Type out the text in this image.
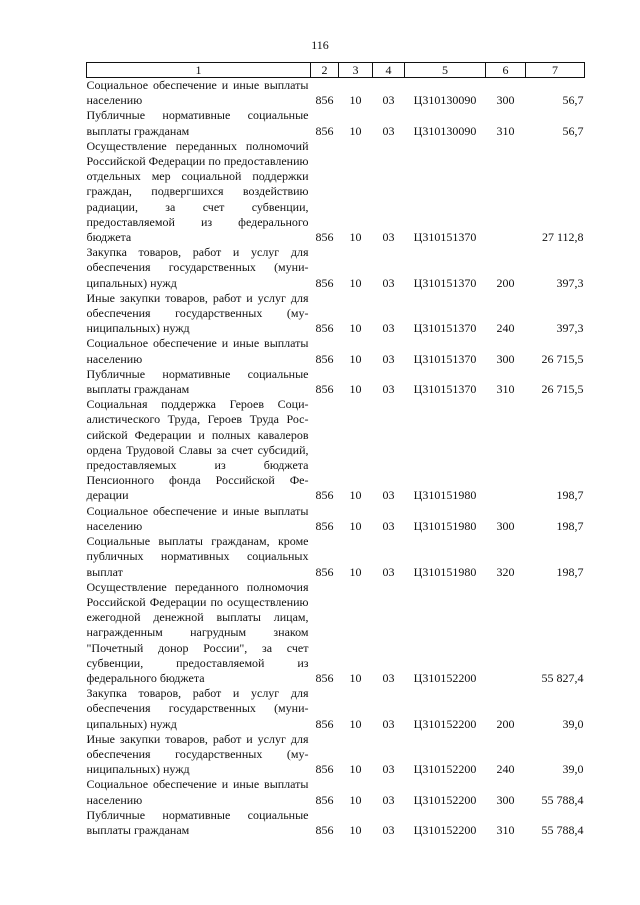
116
1	2	3	4	5	6	7
Социальное обеспечение и иные выплаты населению	856	10	03	Ц310130090	300	56,7
Публичные нормативные социальные выплаты гражданам	856	10	03	Ц310130090	310	56,7
Осуществление переданных полномочий Российской Федерации по предоставлению отдельных мер социальной поддержки граждан, подвергшихся воздействию радиации, за счет субвенции, предоставляемой из федерального бюджета	856	10	03	Ц310151370		27 112,8
Закупка товаров, работ и услуг для обеспечения государственных (муниципальных) нужд	856	10	03	Ц310151370	200	397,3
Иные закупки товаров, работ и услуг для обеспечения государственных (муниципальных) нужд	856	10	03	Ц310151370	240	397,3
Социальное обеспечение и иные выплаты населению	856	10	03	Ц310151370	300	26 715,5
Публичные нормативные социальные выплаты гражданам	856	10	03	Ц310151370	310	26 715,5
Социальная поддержка Героев Социалистического Труда, Героев Труда Российской Федерации и полных кавалеров ордена Трудовой Славы за счет субсидий, предоставляемых из бюджета Пенсионного фонда Российской Федерации	856	10	03	Ц310151980		198,7
Социальное обеспечение и иные выплаты населению	856	10	03	Ц310151980	300	198,7
Социальные выплаты гражданам, кроме публичных нормативных социальных выплат	856	10	03	Ц310151980	320	198,7
Осуществление переданного полномочия Российской Федерации по осуществлению ежегодной денежной выплаты лицам, награжденным нагрудным знаком "Почетный донор России", за счет субвенции, предоставляемой из федерального бюджета	856	10	03	Ц310152200		55 827,4
Закупка товаров, работ и услуг для обеспечения государственных (муниципальных) нужд	856	10	03	Ц310152200	200	39,0
Иные закупки товаров, работ и услуг для обеспечения государственных (муниципальных) нужд	856	10	03	Ц310152200	240	39,0
Социальное обеспечение и иные выплаты населению	856	10	03	Ц310152200	300	55 788,4
Публичные нормативные социальные выплаты гражданам	856	10	03	Ц310152200	310	55 788,4
